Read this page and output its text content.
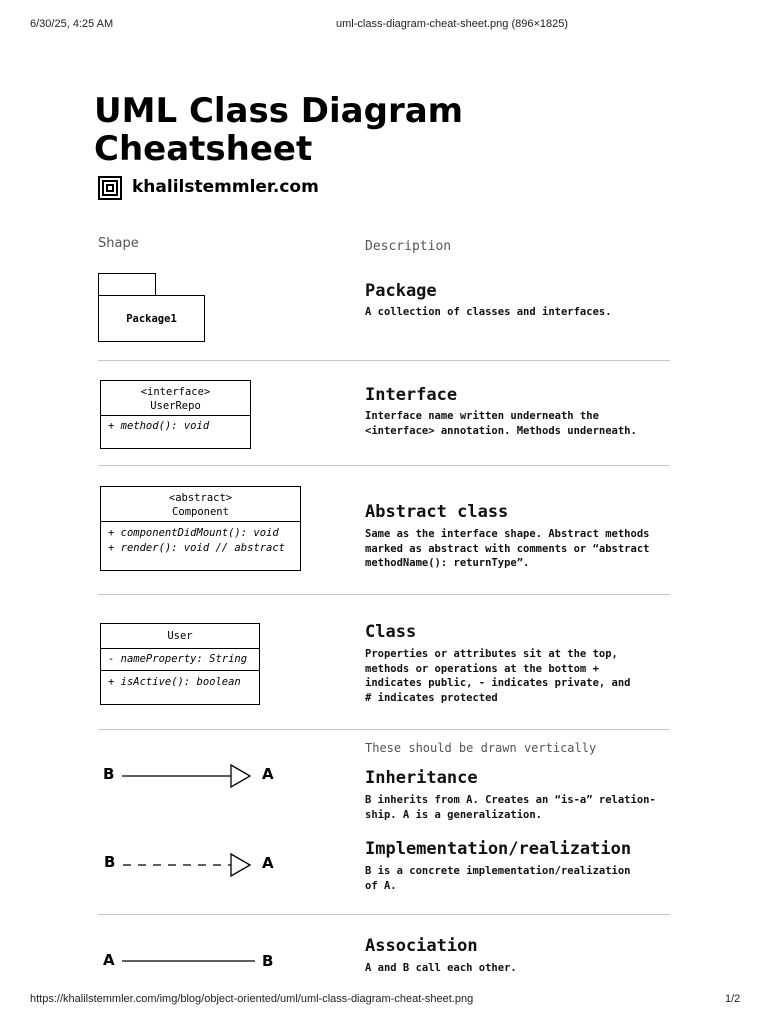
6/30/25, 4:25 AM	uml-class-diagram-cheat-sheet.png (896×1825)
https://khalilstemmler.com/img/blog/object-oriented/uml/uml-class-diagram-cheat-sheet.png	1/2
UML Class Diagram
Cheatsheet
khalilstemmler.com
Shape	Description
Package1
Package
A collection of classes and interfaces.
<interface>
UserRepo
+ method(): void
Interface
Interface name written underneath the
<interface> annotation. Methods underneath.
<abstract>
Component
+ componentDidMount(): void
+ render(): void // abstract
Abstract class
Same as the interface shape. Abstract methods
marked as abstract with comments or “abstract
methodName(): returnType”.
User
- nameProperty: String
+ isActive(): boolean
Class
Properties or attributes sit at the top,
methods or operations at the bottom +
indicates public, - indicates private, and
# indicates protected
These should be drawn vertically
B	A	Inheritance
B inherits from A. Creates an “is-a” relation-
ship. A is a generalization.
B	A
Implementation/realization
B is a concrete implementation/realization
of A.
A	B
Association
A and B call each other.
